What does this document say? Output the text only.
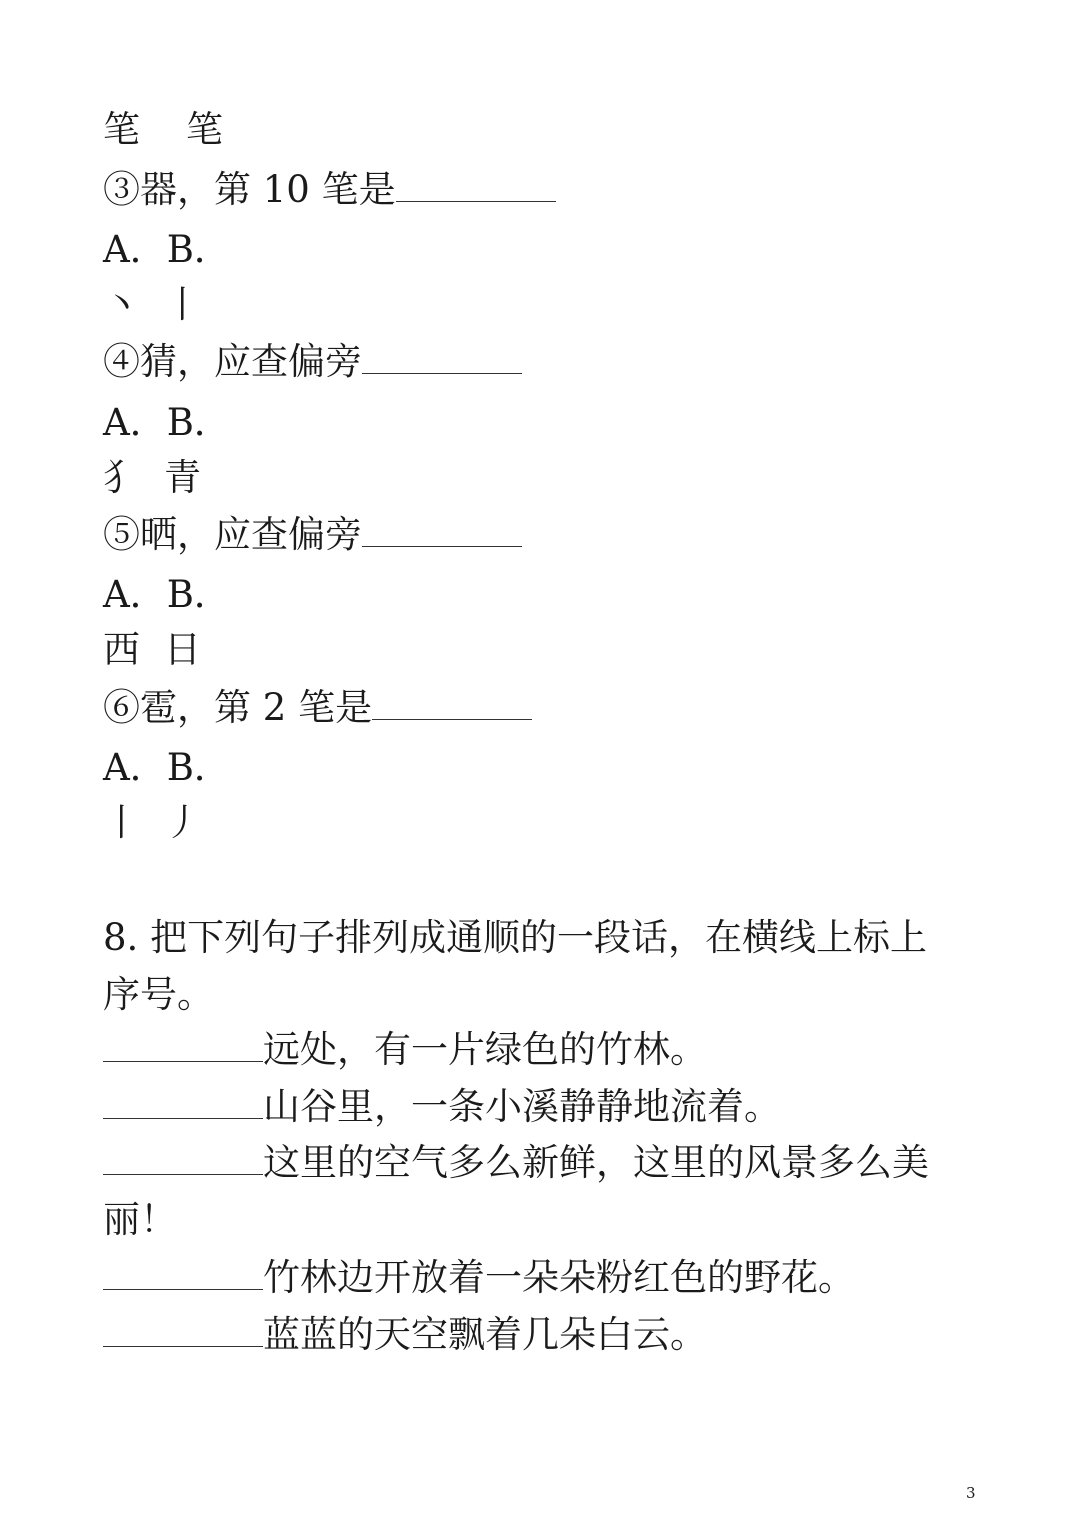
笔 笔
③器，第 10 笔是
A．B．
丶 丨
④猜，应查偏旁
A．B．
犭 青
⑤晒，应查偏旁
A．B．
西 日
⑥雹，第 2 笔是
A．B．
丨 丿
8. 把下列句子排列成通顺的一段话，在横线上标上
序号。
远处，有一片绿色的竹林。
山谷里，一条小溪静静地流着。
这里的空气多么新鲜，这里的风景多么美
丽！
竹林边开放着一朵朵粉红色的野花。
蓝蓝的天空飘着几朵白云。
3
